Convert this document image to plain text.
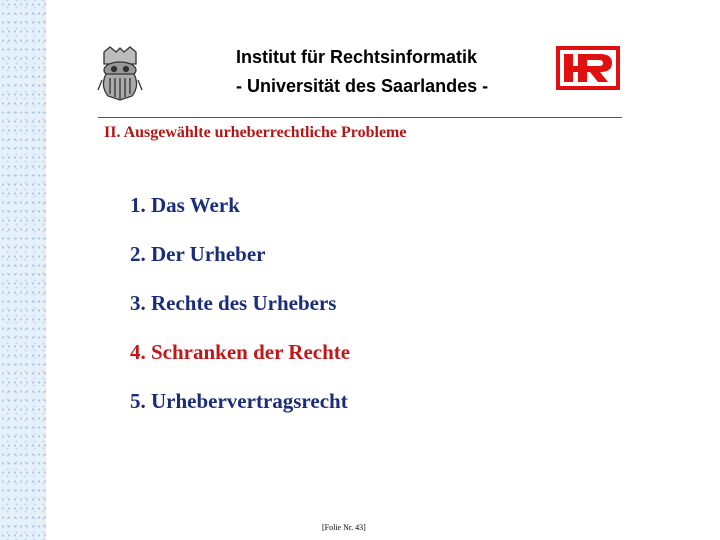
Institut für Rechtsinformatik
- Universität des Saarlandes -
II. Ausgewählte urheberrechtliche Probleme
1. Das Werk
2. Der Urheber
3. Rechte des Urhebers
4. Schranken der Rechte
5. Urhebervertragsrecht
[Folie Nr. 43]
